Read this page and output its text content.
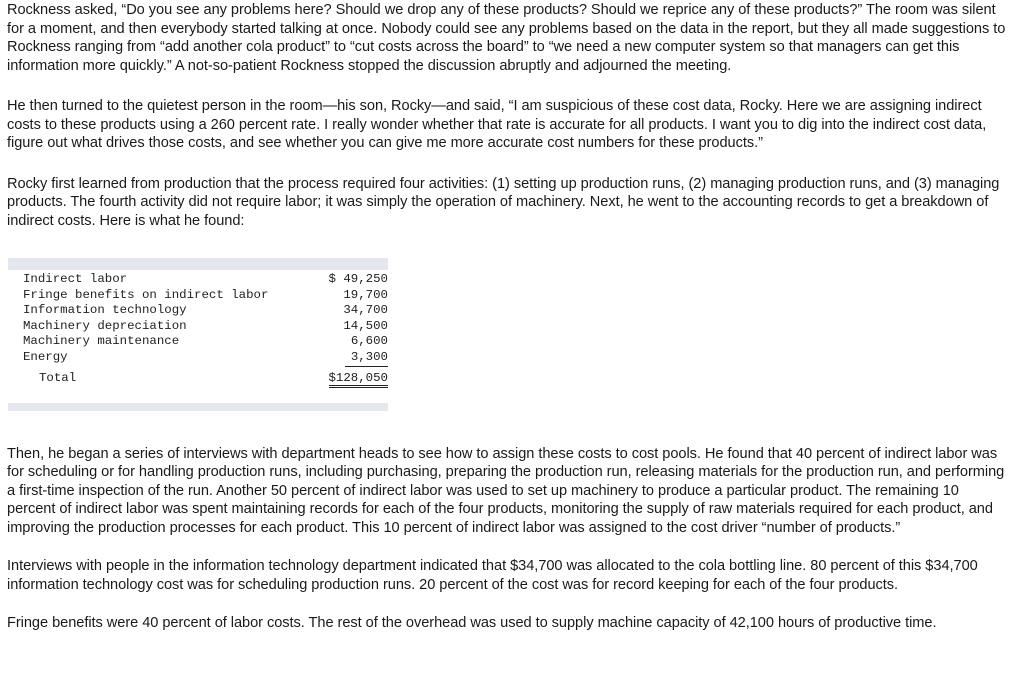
Rockness asked, “Do you see any problems here? Should we drop any of these products? Should we reprice any of these products?” The room was silent for a moment, and then everybody started talking at once. Nobody could see any problems based on the data in the report, but they all made suggestions to Rockness ranging from “add another cola product” to “cut costs across the board” to “we need a new computer system so that managers can get this information more quickly.” A not-so-patient Rockness stopped the discussion abruptly and adjourned the meeting.

He then turned to the quietest person in the room—his son, Rocky—and said, “I am suspicious of these cost data, Rocky. Here we are assigning indirect costs to these products using a 260 percent rate. I really wonder whether that rate is accurate for all products. I want you to dig into the indirect cost data, figure out what drives those costs, and see whether you can give me more accurate cost numbers for these products.”

Rocky first learned from production that the process required four activities: (1) setting up production runs, (2) managing production runs, and (3) managing products. The fourth activity did not require labor; it was simply the operation of machinery. Next, he went to the accounting records to get a breakdown of indirect costs. Here is what he found:

Indirect labor	$ 49,250
Fringe benefits on indirect labor	19,700
Information technology	34,700
Machinery depreciation	14,500
Machinery maintenance	6,600
Energy	3,300
Total	$128,050

Then, he began a series of interviews with department heads to see how to assign these costs to cost pools. He found that 40 percent of indirect labor was for scheduling or for handling production runs, including purchasing, preparing the production run, releasing materials for the production run, and performing a first-time inspection of the run. Another 50 percent of indirect labor was used to set up machinery to produce a particular product. The remaining 10 percent of indirect labor was spent maintaining records for each of the four products, monitoring the supply of raw materials required for each product, and improving the production processes for each product. This 10 percent of indirect labor was assigned to the cost driver “number of products.”

Interviews with people in the information technology department indicated that $34,700 was allocated to the cola bottling line. 80 percent of this $34,700 information technology cost was for scheduling production runs. 20 percent of the cost was for record keeping for each of the four products.

Fringe benefits were 40 percent of labor costs. The rest of the overhead was used to supply machine capacity of 42,100 hours of productive time.
